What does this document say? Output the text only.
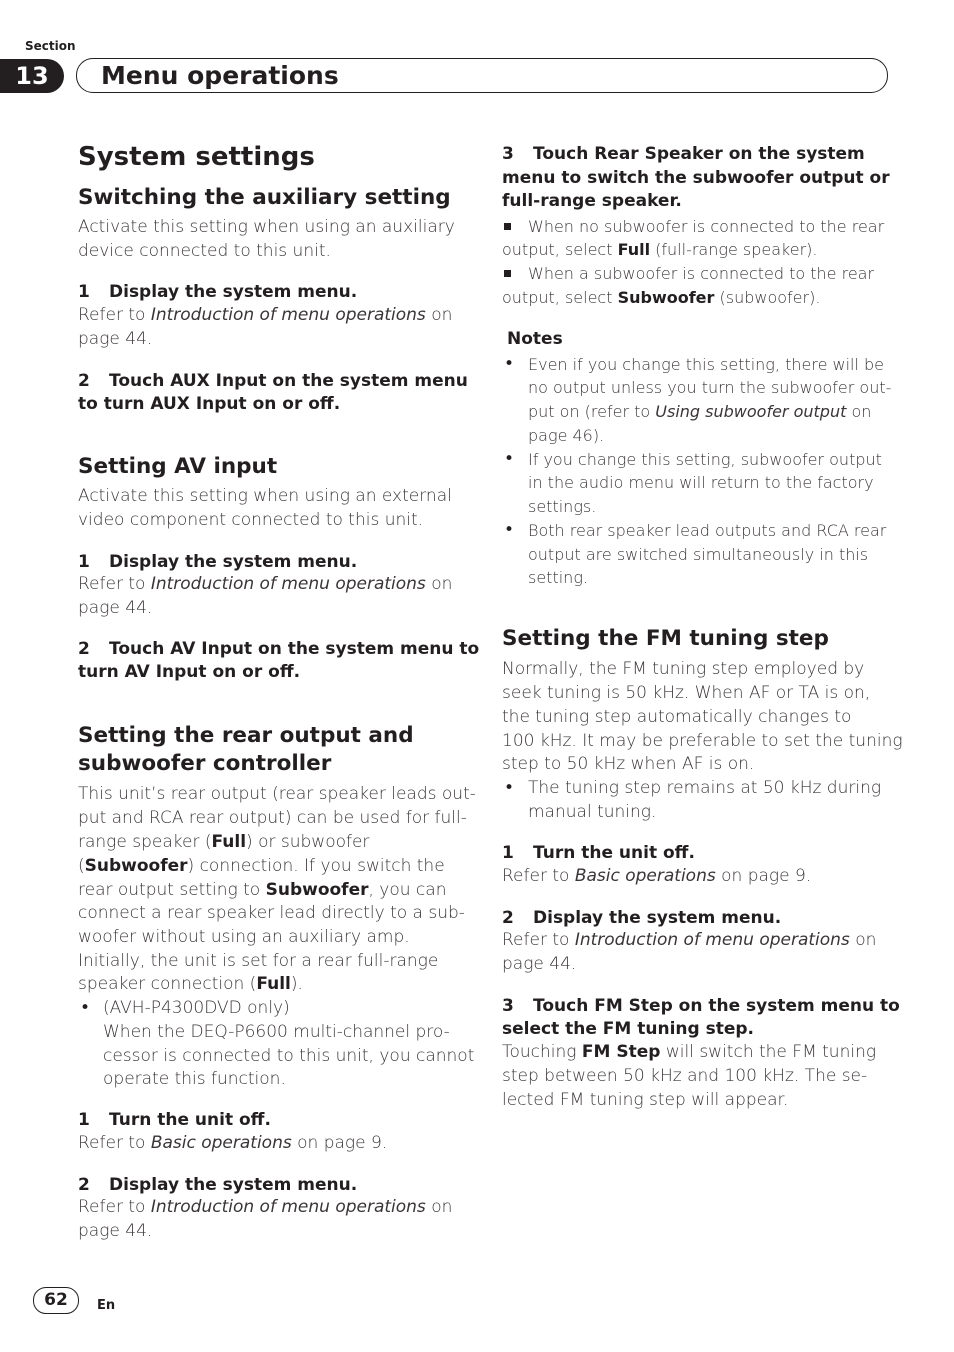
Section
13	Menu operations
System settings
Switching the auxiliary setting
Activate this setting when using an auxiliary
device connected to this unit.
1 Display the system menu.
Refer to Introduction of menu operations on
page 44.
2 Touch AUX Input on the system menu
to turn AUX Input on or off.
Setting AV input
Activate this setting when using an external
video component connected to this unit.
1 Display the system menu.
Refer to Introduction of menu operations on
page 44.
2 Touch AV Input on the system menu to
turn AV Input on or off.
Setting the rear output and
subwoofer controller
This unit’s rear output (rear speaker leads out-
put and RCA rear output) can be used for full-
range speaker (Full) or subwoofer
(Subwoofer) connection. If you switch the
rear output setting to Subwoofer, you can
connect a rear speaker lead directly to a sub-
woofer without using an auxiliary amp.
Initially, the unit is set for a rear full-range
speaker connection (Full).
• (AVH-P4300DVD only)
When the DEQ-P6600 multi-channel pro-
cessor is connected to this unit, you cannot
operate this function.
1 Turn the unit off.
Refer to Basic operations on page 9.
2 Display the system menu.
Refer to Introduction of menu operations on
page 44.
3 Touch Rear Speaker on the system
menu to switch the subwoofer output or
full-range speaker.
When no subwoofer is connected to the rear
output, select Full (full-range speaker).
When a subwoofer is connected to the rear
output, select Subwoofer (subwoofer).
Notes
• Even if you change this setting, there will be
no output unless you turn the subwoofer out-
put on (refer to Using subwoofer output on
page 46).
• If you change this setting, subwoofer output
in the audio menu will return to the factory
settings.
• Both rear speaker lead outputs and RCA rear
output are switched simultaneously in this
setting.
Setting the FM tuning step
Normally, the FM tuning step employed by
seek tuning is 50 kHz. When AF or TA is on,
the tuning step automatically changes to
100 kHz. It may be preferable to set the tuning
step to 50 kHz when AF is on.
• The tuning step remains at 50 kHz during
manual tuning.
1 Turn the unit off.
Refer to Basic operations on page 9.
2 Display the system menu.
Refer to Introduction of menu operations on
page 44.
3 Touch FM Step on the system menu to
select the FM tuning step.
Touching FM Step will switch the FM tuning
step between 50 kHz and 100 kHz. The se-
lected FM tuning step will appear.
62	En
